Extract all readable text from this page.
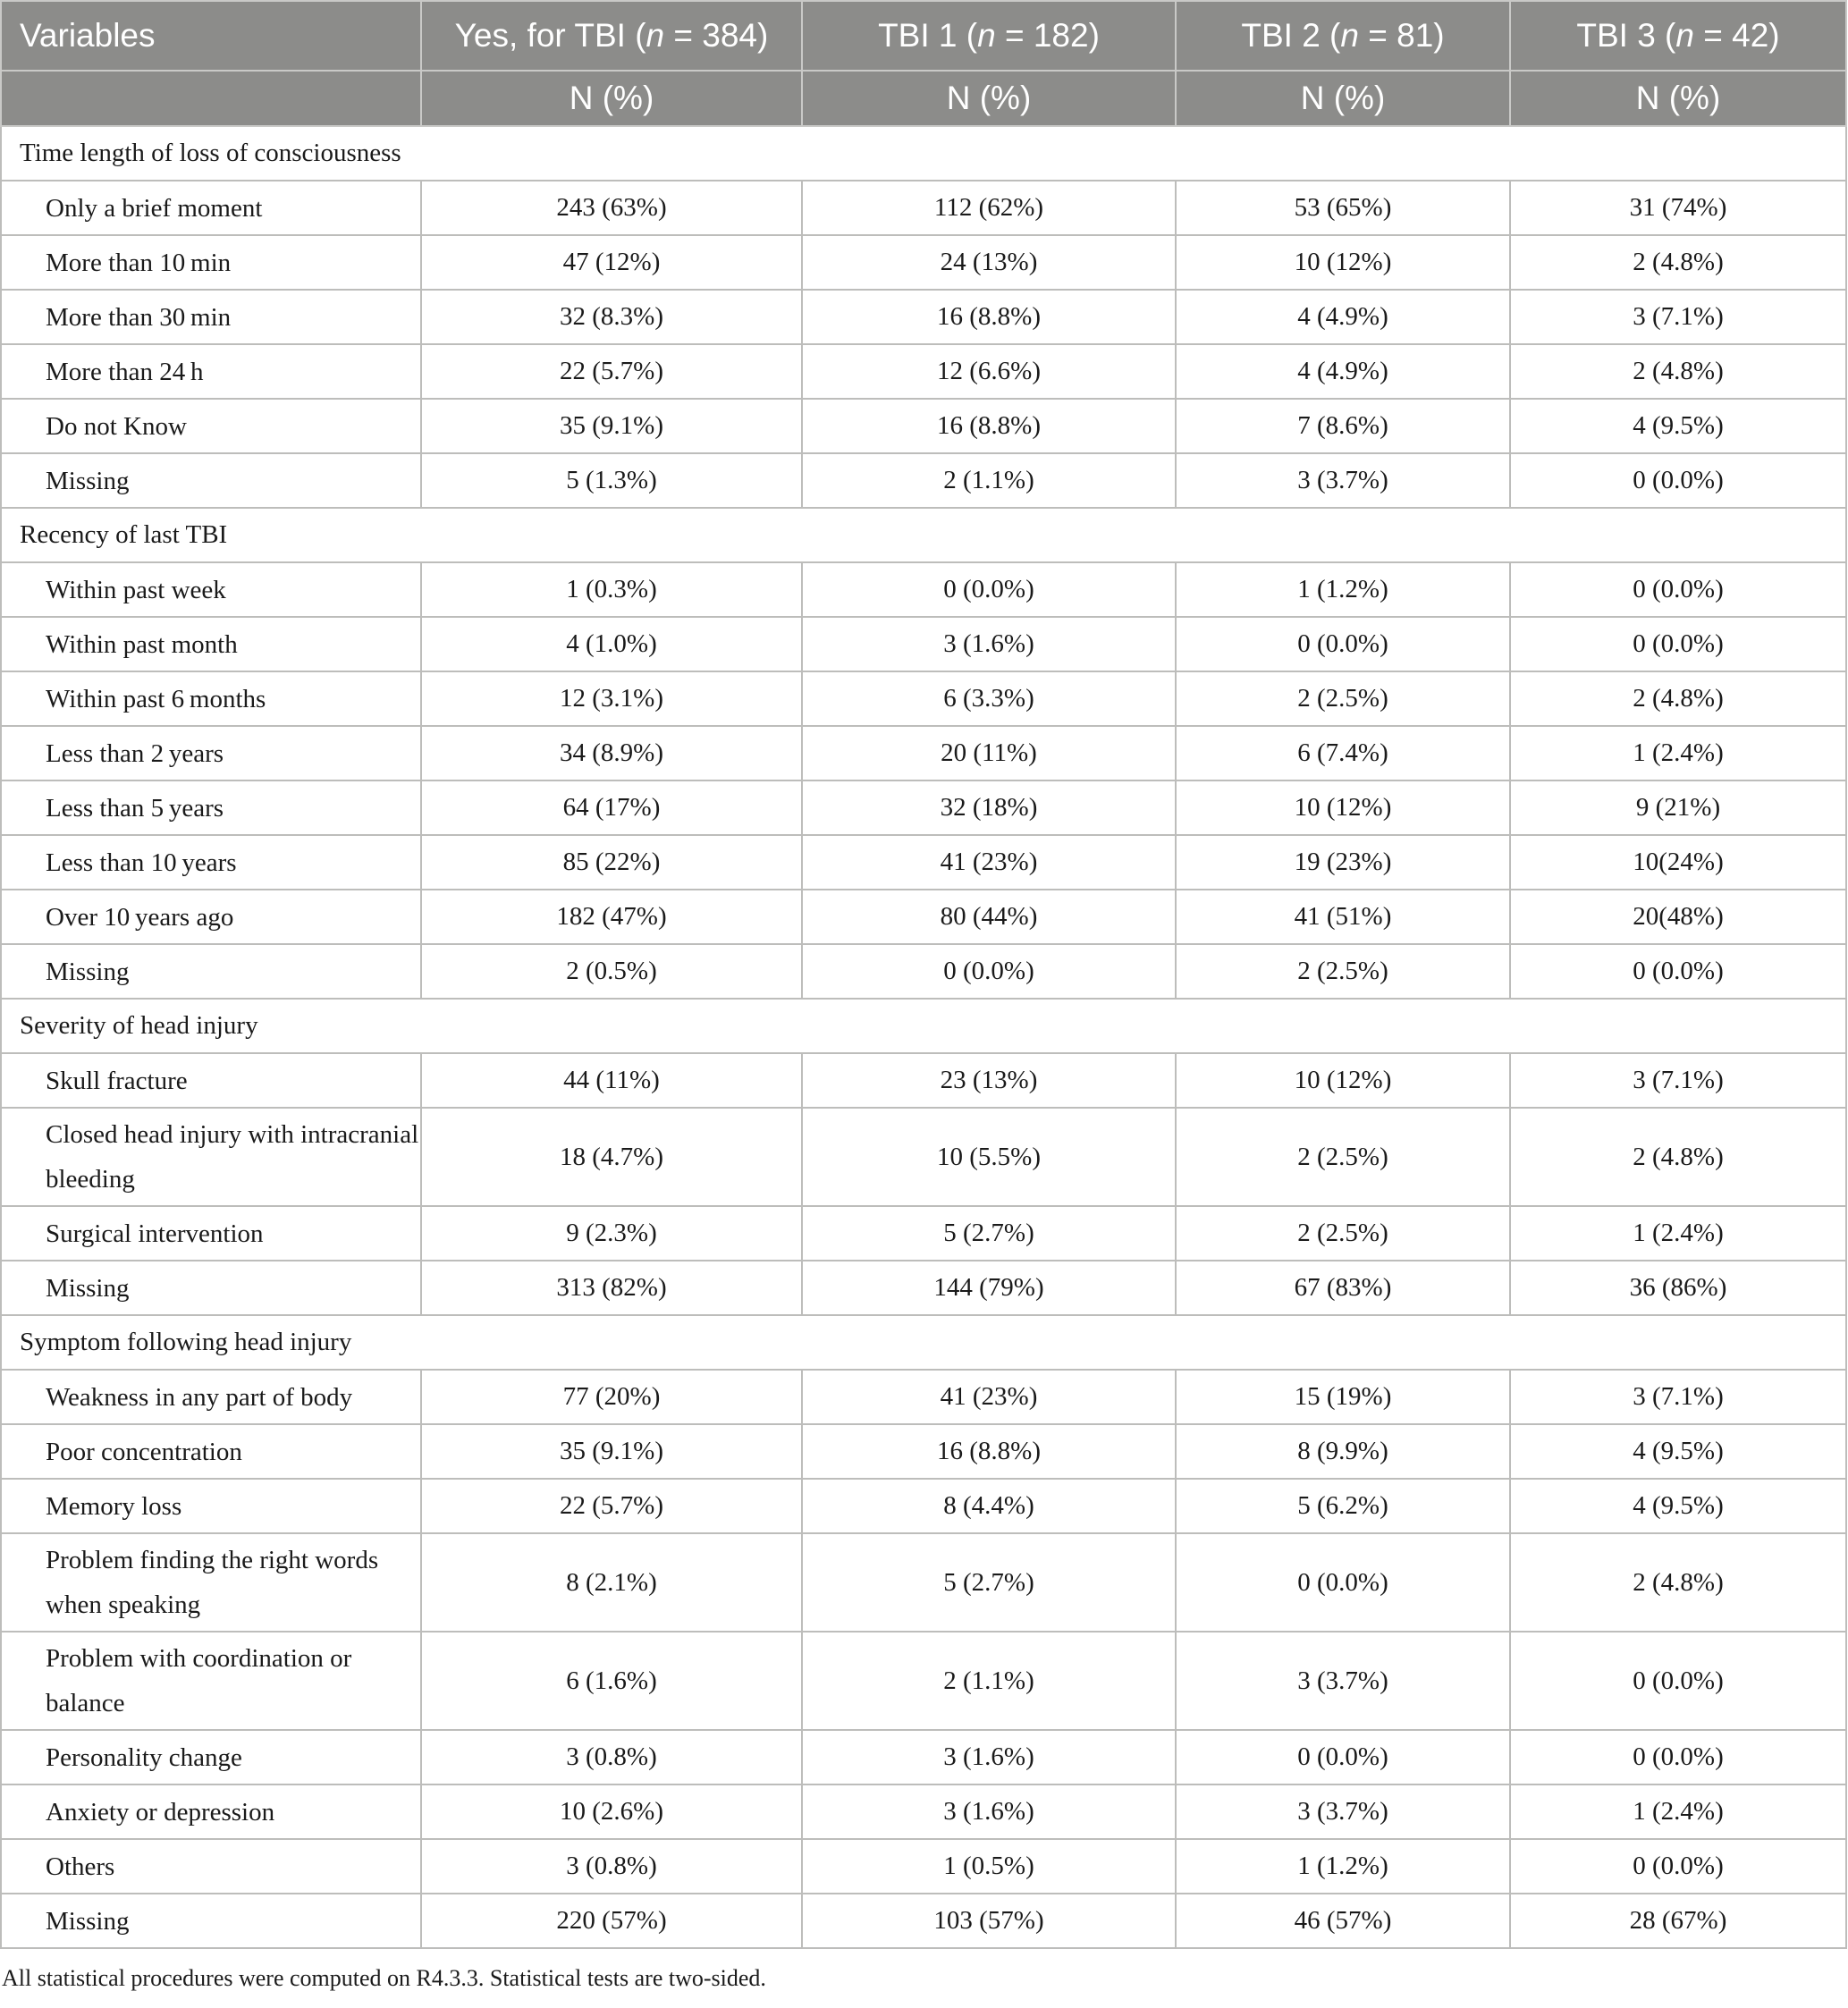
Variables	Yes, for TBI (n = 384)	TBI 1 (n = 182)	TBI 2 (n = 81)	TBI 3 (n = 42)
	N (%)	N (%)	N (%)	N (%)
Time length of loss of consciousness				
Only a brief moment	243 (63%)	112 (62%)	53 (65%)	31 (74%)
More than 10 min	47 (12%)	24 (13%)	10 (12%)	2 (4.8%)
More than 30 min	32 (8.3%)	16 (8.8%)	4 (4.9%)	3 (7.1%)
More than 24 h	22 (5.7%)	12 (6.6%)	4 (4.9%)	2 (4.8%)
Do not Know	35 (9.1%)	16 (8.8%)	7 (8.6%)	4 (9.5%)
Missing	5 (1.3%)	2 (1.1%)	3 (3.7%)	0 (0.0%)
Recency of last TBI				
Within past week	1 (0.3%)	0 (0.0%)	1 (1.2%)	0 (0.0%)
Within past month	4 (1.0%)	3 (1.6%)	0 (0.0%)	0 (0.0%)
Within past 6 months	12 (3.1%)	6 (3.3%)	2 (2.5%)	2 (4.8%)
Less than 2 years	34 (8.9%)	20 (11%)	6 (7.4%)	1 (2.4%)
Less than 5 years	64 (17%)	32 (18%)	10 (12%)	9 (21%)
Less than 10 years	85 (22%)	41 (23%)	19 (23%)	10(24%)
Over 10 years ago	182 (47%)	80 (44%)	41 (51%)	20(48%)
Missing	2 (0.5%)	0 (0.0%)	2 (2.5%)	0 (0.0%)
Severity of head injury				
Skull fracture	44 (11%)	23 (13%)	10 (12%)	3 (7.1%)
Closed head injury with intracranial bleeding	18 (4.7%)	10 (5.5%)	2 (2.5%)	2 (4.8%)
Surgical intervention	9 (2.3%)	5 (2.7%)	2 (2.5%)	1 (2.4%)
Missing	313 (82%)	144 (79%)	67 (83%)	36 (86%)
Symptom following head injury				
Weakness in any part of body	77 (20%)	41 (23%)	15 (19%)	3 (7.1%)
Poor concentration	35 (9.1%)	16 (8.8%)	8 (9.9%)	4 (9.5%)
Memory loss	22 (5.7%)	8 (4.4%)	5 (6.2%)	4 (9.5%)
Problem finding the right words when speaking	8 (2.1%)	5 (2.7%)	0 (0.0%)	2 (4.8%)
Problem with coordination or balance	6 (1.6%)	2 (1.1%)	3 (3.7%)	0 (0.0%)
Personality change	3 (0.8%)	3 (1.6%)	0 (0.0%)	0 (0.0%)
Anxiety or depression	10 (2.6%)	3 (1.6%)	3 (3.7%)	1 (2.4%)
Others	3 (0.8%)	1 (0.5%)	1 (1.2%)	0 (0.0%)
Missing	220 (57%)	103 (57%)	46 (57%)	28 (67%)
All statistical procedures were computed on R4.3.3. Statistical tests are two-sided.
